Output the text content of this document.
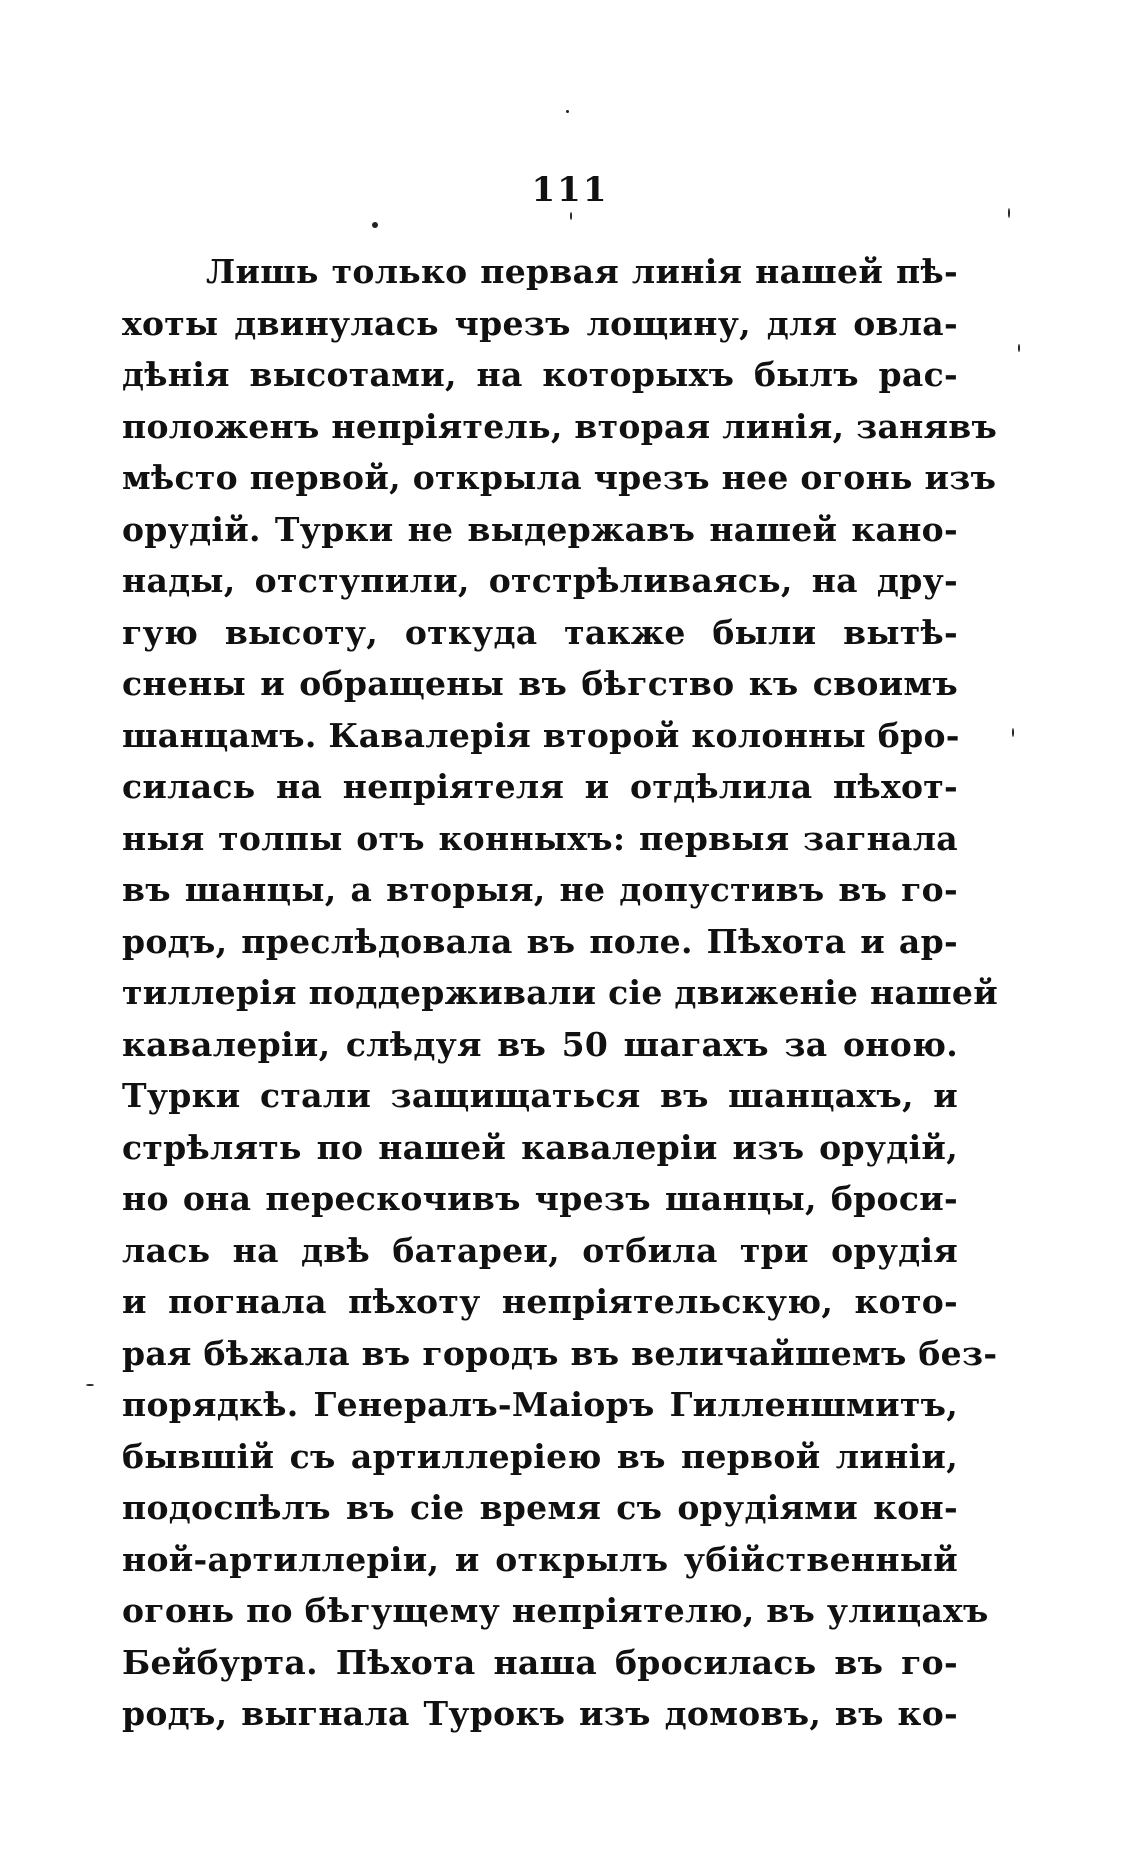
111
Лишь только первая линія нашей пѣ-
хоты двинулась чрезъ лощину, для овла-
дѣнія высотами, на которыхъ былъ рас-
положенъ непріятель, вторая линія, занявъ
мѣсто первой, открыла чрезъ нее огонь изъ
орудій. Турки не выдержавъ нашей кано-
нады, отступили, отстрѣливаясь, на дру-
гую высоту, откуда также были вытѣ-
снены и обращены въ бѣгство къ своимъ
шанцамъ. Кавалерія второй колонны бро-
силась на непріятеля и отдѣлила пѣхот-
ныя толпы отъ конныхъ: первыя загнала
въ шанцы, а вторыя, не допустивъ въ го-
родъ, преслѣдовала въ поле. Пѣхота и ар-
тиллерія поддерживали сіе движеніе нашей
кавалеріи, слѣдуя въ 50 шагахъ за оною.
Турки стали защищаться въ шанцахъ, и
стрѣлять по нашей кавалеріи изъ орудій,
но она перескочивъ чрезъ шанцы, броси-
лась на двѣ батареи, отбила три орудія
и погнала пѣхоту непріятельскую, кото-
рая бѣжала въ городъ въ величайшемъ без-
порядкѣ. Генералъ-Маіоръ Гилленшмитъ,
бывшій съ артиллеріею въ первой линіи,
подоспѣлъ въ сіе время съ орудіями кон-
ной-артиллеріи, и открылъ убійственный
огонь по бѣгущему непріятелю, въ улицахъ
Бейбурта. Пѣхота наша бросилась въ го-
родъ, выгнала Турокъ изъ домовъ, въ ко-
